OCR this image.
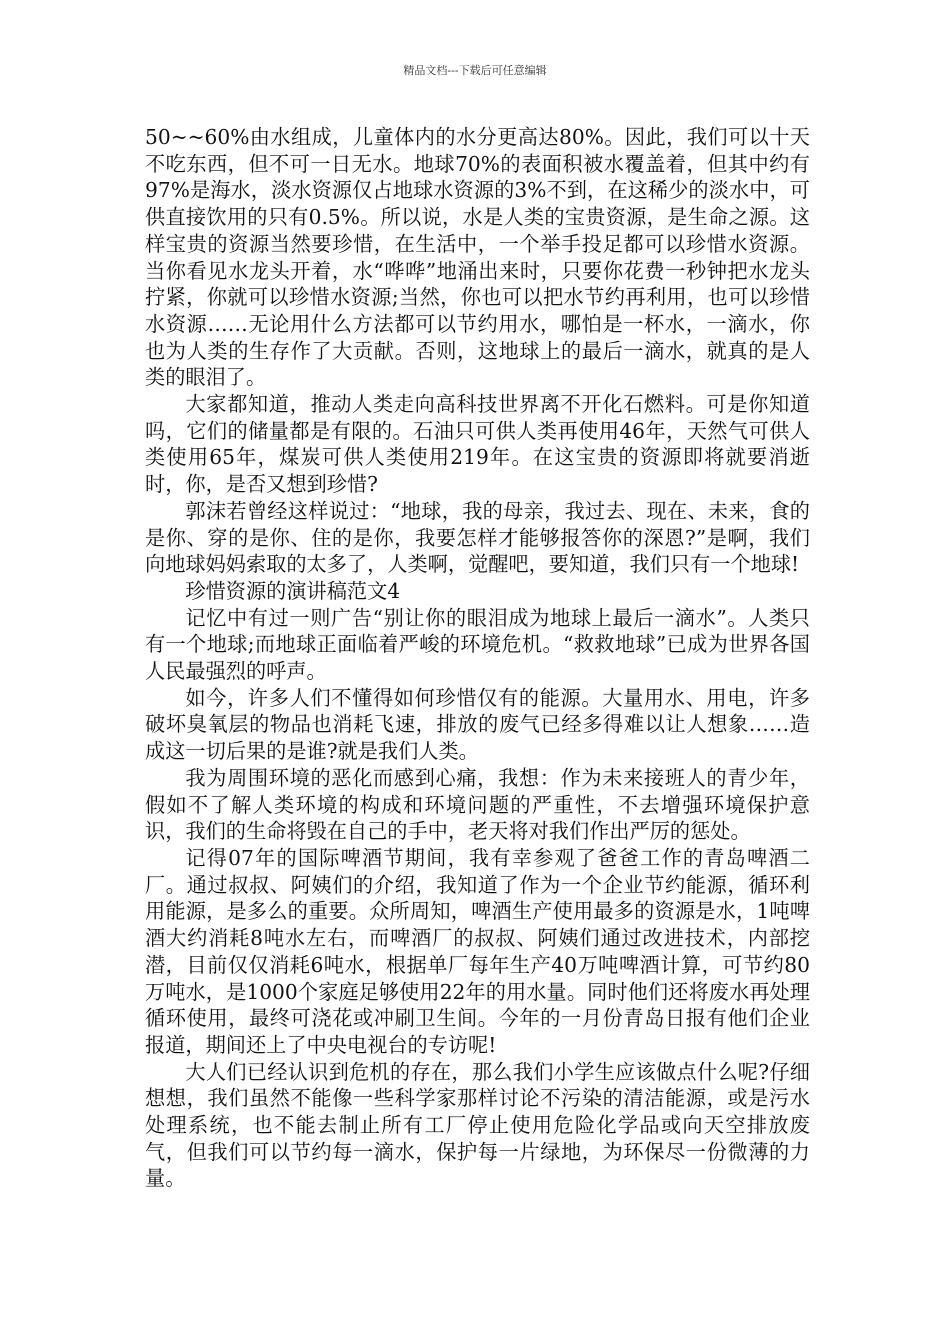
精品文档---下载后可任意编辑

50~~60%由水组成，儿童体内的水分更高达80%。因此，我们可以十天不吃东西，但不可一日无水。地球70%的表面积被水覆盖着，但其中约有97%是海水，淡水资源仅占地球水资源的3%不到，在这稀少的淡水中，可供直接饮用的只有0.5%。所以说，水是人类的宝贵资源，是生命之源。这样宝贵的资源当然要珍惜，在生活中，一个举手投足都可以珍惜水资源。当你看见水龙头开着，水“哗哗”地涌出来时，只要你花费一秒钟把水龙头拧紧，你就可以珍惜水资源;当然，你也可以把水节约再利用，也可以珍惜水资源……无论用什么方法都可以节约用水，哪怕是一杯水，一滴水，你也为人类的生存作了大贡献。否则，这地球上的最后一滴水，就真的是人类的眼泪了。

大家都知道，推动人类走向高科技世界离不开化石燃料。可是你知道吗，它们的储量都是有限的。石油只可供人类再使用46年，天然气可供人类使用65年，煤炭可供人类使用219年。在这宝贵的资源即将就要消逝时，你，是否又想到珍惜?

郭沫若曾经这样说过：“地球，我的母亲，我过去、现在、未来，食的是你、穿的是你、住的是你，我要怎样才能够报答你的深恩?”是啊，我们向地球妈妈索取的太多了，人类啊，觉醒吧，要知道，我们只有一个地球!

珍惜资源的演讲稿范文4

记忆中有过一则广告“别让你的眼泪成为地球上最后一滴水”。人类只有一个地球;而地球正面临着严峻的环境危机。“救救地球”已成为世界各国人民最强烈的呼声。

如今，许多人们不懂得如何珍惜仅有的能源。大量用水、用电，许多破坏臭氧层的物品也消耗飞速，排放的废气已经多得难以让人想象……造成这一切后果的是谁?就是我们人类。

我为周围环境的恶化而感到心痛，我想：作为未来接班人的青少年，假如不了解人类环境的构成和环境问题的严重性，不去增强环境保护意识，我们的生命将毁在自己的手中，老天将对我们作出严厉的惩处。

记得07年的国际啤酒节期间，我有幸参观了爸爸工作的青岛啤酒二厂。通过叔叔、阿姨们的介绍，我知道了作为一个企业节约能源，循环利用能源，是多么的重要。众所周知，啤酒生产使用最多的资源是水，1吨啤酒大约消耗8吨水左右，而啤酒厂的叔叔、阿姨们通过改进技术，内部挖潜，目前仅仅消耗6吨水，根据单厂每年生产40万吨啤酒计算，可节约80万吨水，是1000个家庭足够使用22年的用水量。同时他们还将废水再处理循环使用，最终可浇花或冲刷卫生间。今年的一月份青岛日报有他们企业报道，期间还上了中央电视台的专访呢!

大人们已经认识到危机的存在，那么我们小学生应该做点什么呢?仔细想想，我们虽然不能像一些科学家那样讨论不污染的清洁能源，或是污水处理系统，也不能去制止所有工厂停止使用危险化学品或向天空排放废气，但我们可以节约每一滴水，保护每一片绿地，为环保尽一份微薄的力量。
